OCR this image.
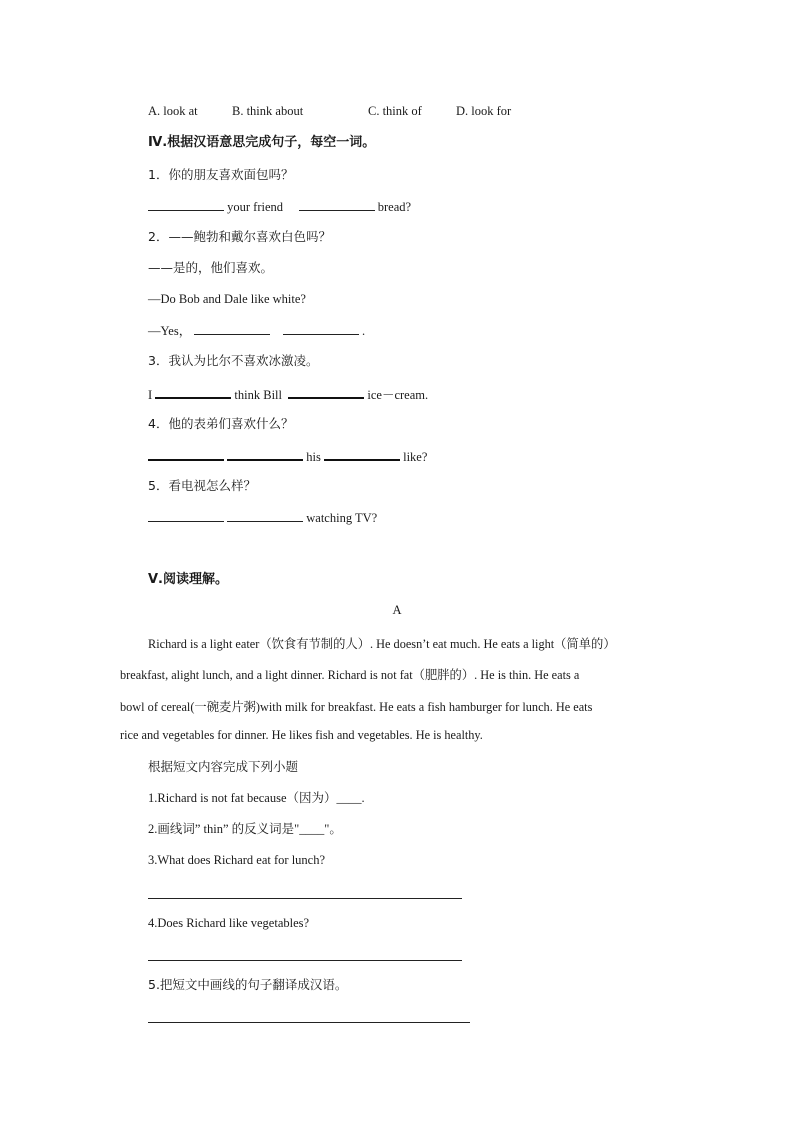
A. look at	B. think about	C. think of	D. look for
Ⅳ.根据汉语意思完成句子，每空一词。
1．你的朋友喜欢面包吗？
your friend	bread?
2．——鲍勃和戴尔喜欢白色吗？
——是的，他们喜欢。
—Do Bob and Dale like white?
—Yes，	.
3．我认为比尔不喜欢冰激凌。
I	think Bill	ice－cream.
4．他的表弟们喜欢什么？
his	like?
5．看电视怎么样？
watching TV?
Ⅴ.阅读理解。
A
Richard is a light eater（饮食有节制的人）. He doesn’t eat much. He eats a light（简单的）
breakfast, alight lunch, and a light dinner. Richard is not fat（肥胖的）. He is thin. He eats a
bowl of cereal(一碗麦片粥)with milk for breakfast. He eats a fish hamburger for lunch. He eats
rice and vegetables for dinner. He likes fish and vegetables. He is healthy.
根据短文内容完成下列小题
1.Richard is not fat because（因为）____.
2.画线词” thin” 的反义词是"____"。
3.What does Richard eat for lunch?
4.Does Richard like vegetables?
5.把短文中画线的句子翻译成汉语。
